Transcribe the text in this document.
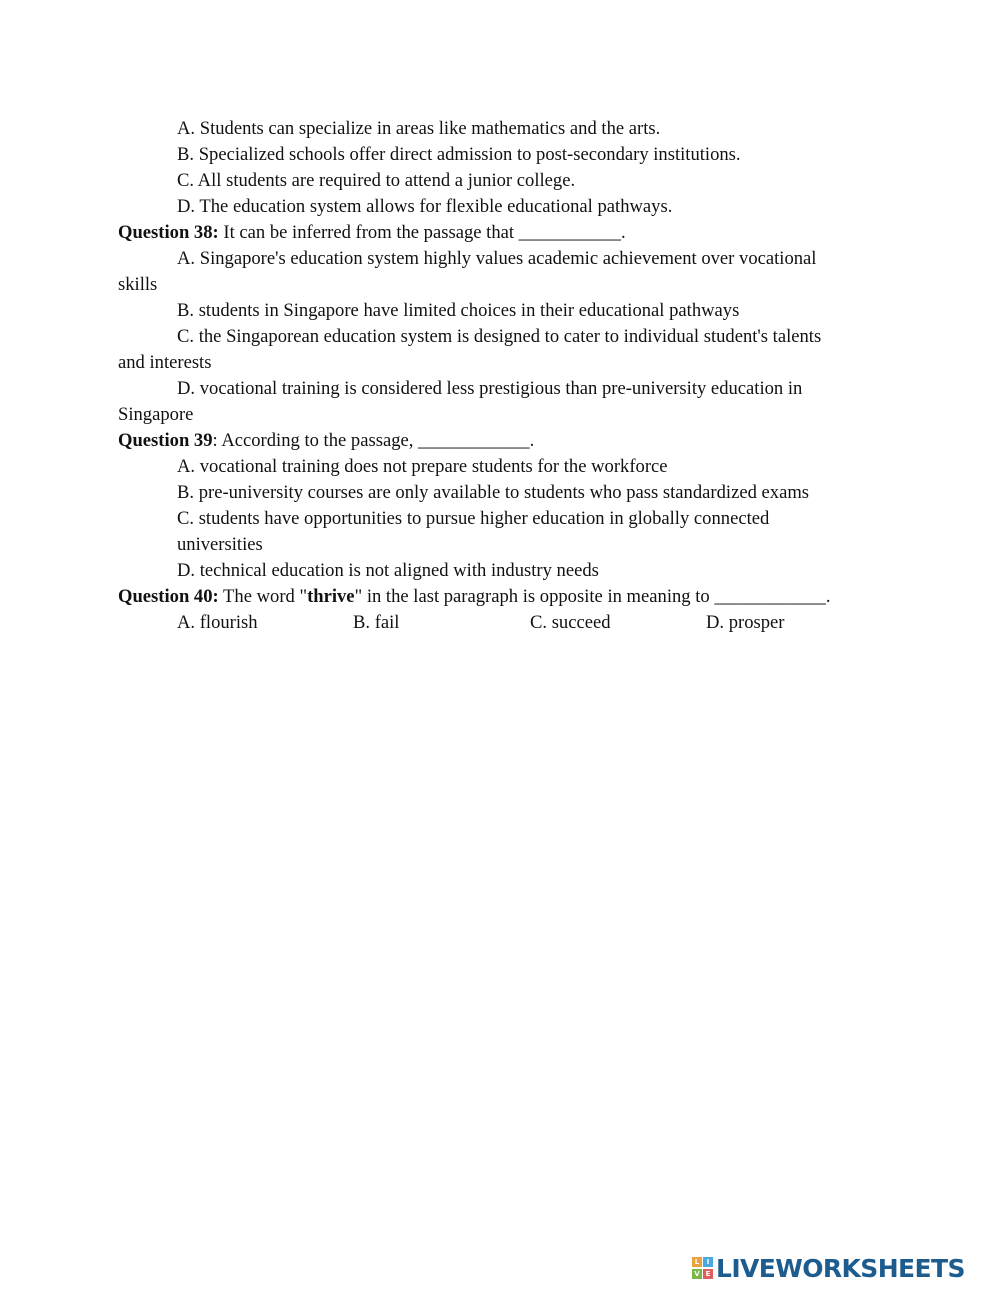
A. Students can specialize in areas like mathematics and the arts.
B. Specialized schools offer direct admission to post-secondary institutions.
C. All students are required to attend a junior college.
D. The education system allows for flexible educational pathways.
Question 38: It can be inferred from the passage that ___________.
A. Singapore's education system highly values academic achievement over vocational
skills
B. students in Singapore have limited choices in their educational pathways
C. the Singaporean education system is designed to cater to individual student's talents
and interests
D. vocational training is considered less prestigious than pre-university education in
Singapore
Question 39: According to the passage, ____________.
A. vocational training does not prepare students for the workforce
B. pre-university courses are only available to students who pass standardized exams
C. students have opportunities to pursue higher education in globally connected
universities
D. technical education is not aligned with industry needs
Question 40: The word "thrive" in the last paragraph is opposite in meaning to ____________.
A. flourish	B. fail	C. succeed	D. prosper
L	I
V E LIVEWORKSHEETS
